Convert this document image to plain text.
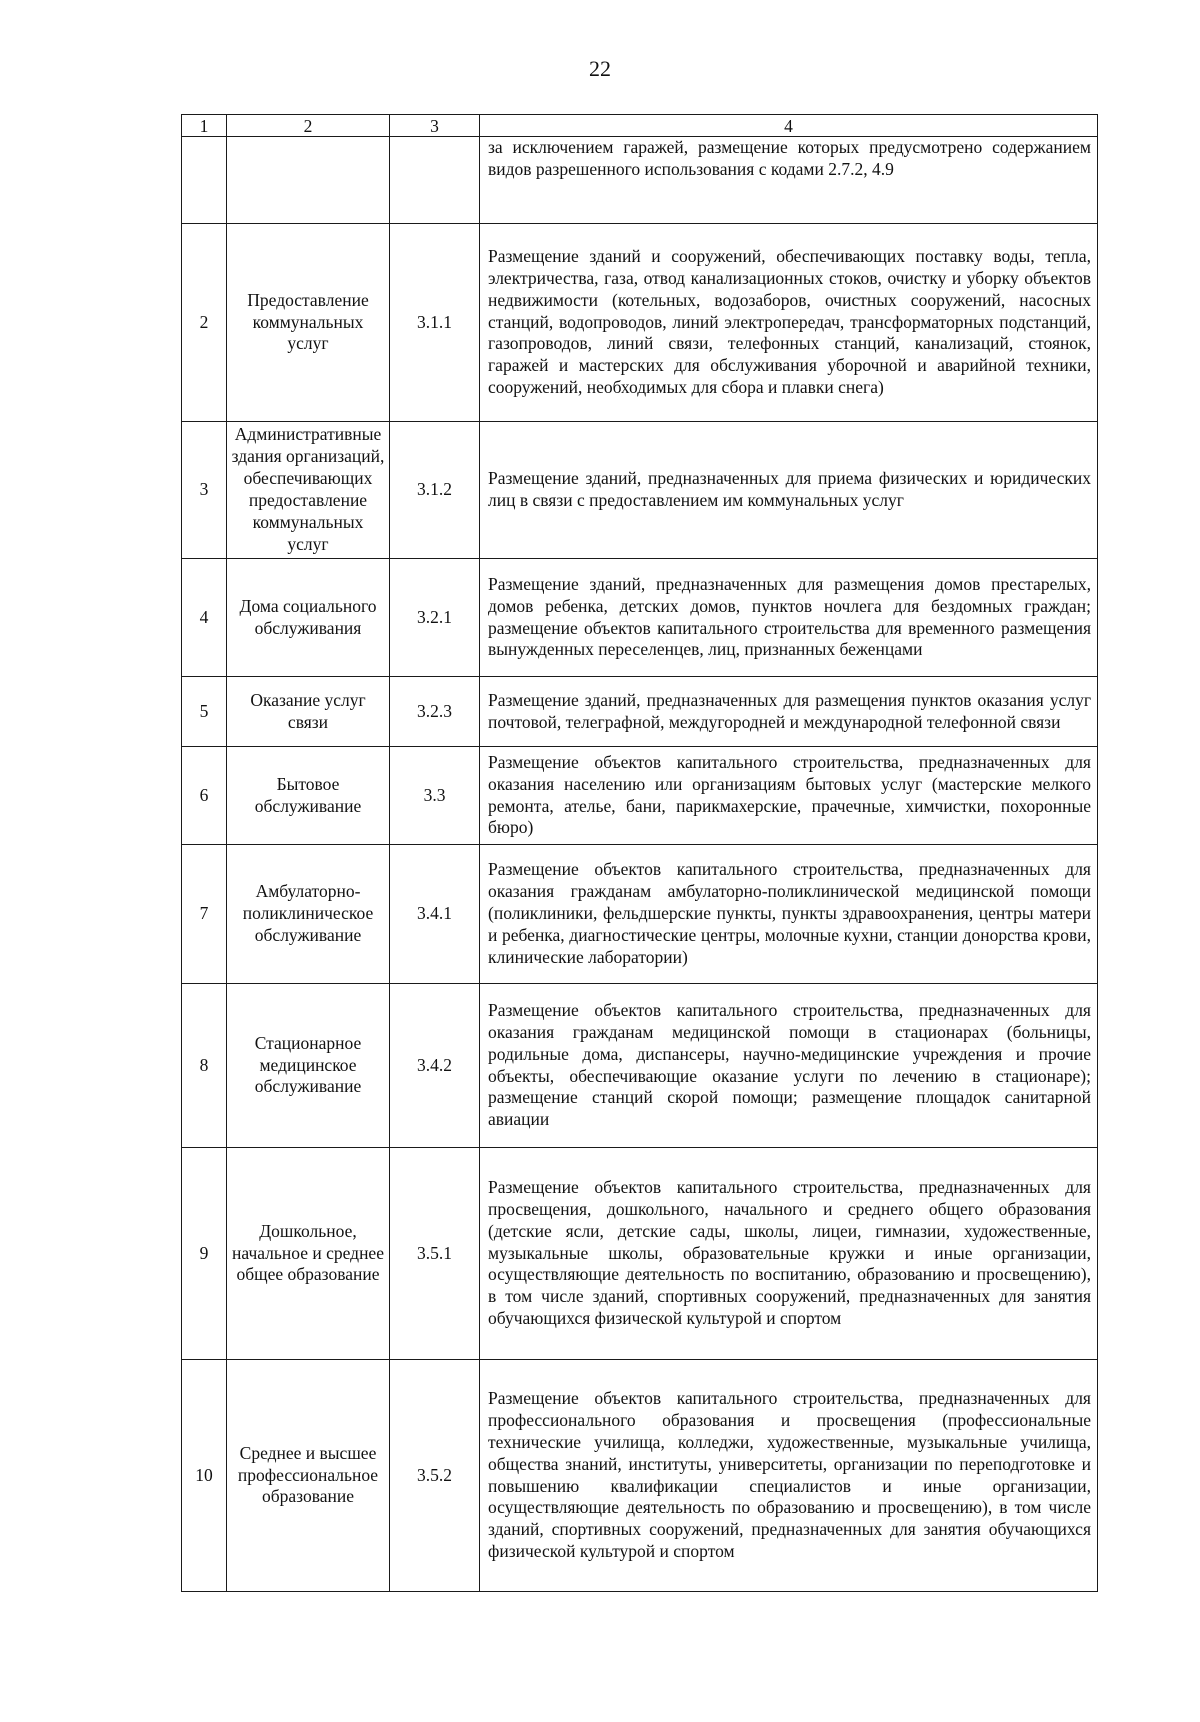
22
1	2	3	4
			за исключением гаражей, размещение которых предусмотрено содержанием видов разрешенного использования с кодами 2.7.2, 4.9
2	Предоставление коммунальных услуг	3.1.1	Размещение зданий и сооружений, обеспечивающих поставку воды, тепла, электричества, газа, отвод канализационных стоков, очистку и уборку объектов недвижимости (котельных, водозаборов, очистных сооружений, насосных станций, водопроводов, линий электропередач, трансформаторных подстанций, газопроводов, линий связи, телефонных станций, канализаций, стоянок, гаражей и мастерских для обслуживания уборочной и аварийной техники, сооружений, необходимых для сбора и плавки снега)
3	Административные здания организаций, обеспечивающих предоставление коммунальных услуг	3.1.2	Размещение зданий, предназначенных для приема физических и юридических лиц в связи с предоставлением им коммунальных услуг
4	Дома социального обслуживания	3.2.1	Размещение зданий, предназначенных для размещения домов престарелых, домов ребенка, детских домов, пунктов ночлега для бездомных граждан; размещение объектов капитального строительства для временного размещения вынужденных переселенцев, лиц, признанных беженцами
5	Оказание услуг связи	3.2.3	Размещение зданий, предназначенных для размещения пунктов оказания услуг почтовой, телеграфной, междугородней и международной телефонной связи
6	Бытовое обслуживание	3.3	Размещение объектов капитального строительства, предназначенных для оказания населению или организациям бытовых услуг (мастерские мелкого ремонта, ателье, бани, парикмахерские, прачечные, химчистки, похоронные бюро)
7	Амбулаторно-поликлиническое обслуживание	3.4.1	Размещение объектов капитального строительства, предназначенных для оказания гражданам амбулаторно-поликлинической медицинской помощи (поликлиники, фельдшерские пункты, пункты здравоохранения, центры матери и ребенка, диагностические центры, молочные кухни, станции донорства крови, клинические лаборатории)
8	Стационарное медицинское обслуживание	3.4.2	Размещение объектов капитального строительства, предназначенных для оказания гражданам медицинской помощи в стационарах (больницы, родильные дома, диспансеры, научно-медицинские учреждения и прочие объекты, обеспечивающие оказание услуги по лечению в стационаре); размещение станций скорой помощи; размещение площадок санитарной авиации
9	Дошкольное, начальное и среднее общее образование	3.5.1	Размещение объектов капитального строительства, предназначенных для просвещения, дошкольного, начального и среднего общего образования (детские ясли, детские сады, школы, лицеи, гимназии, художественные, музыкальные школы, образовательные кружки и иные организации, осуществляющие деятельность по воспитанию, образованию и просвещению), в том числе зданий, спортивных сооружений, предназначенных для занятия обучающихся физической культурой и спортом
10	Среднее и высшее профессиональное образование	3.5.2	Размещение объектов капитального строительства, предназначенных для профессионального образования и просвещения (профессиональные технические училища, колледжи, художественные, музыкальные училища, общества знаний, институты, университеты, организации по переподготовке и повышению квалификации специалистов и иные организации, осуществляющие деятельность по образованию и просвещению), в том числе зданий, спортивных сооружений, предназначенных для занятия обучающихся физической культурой и спортом
